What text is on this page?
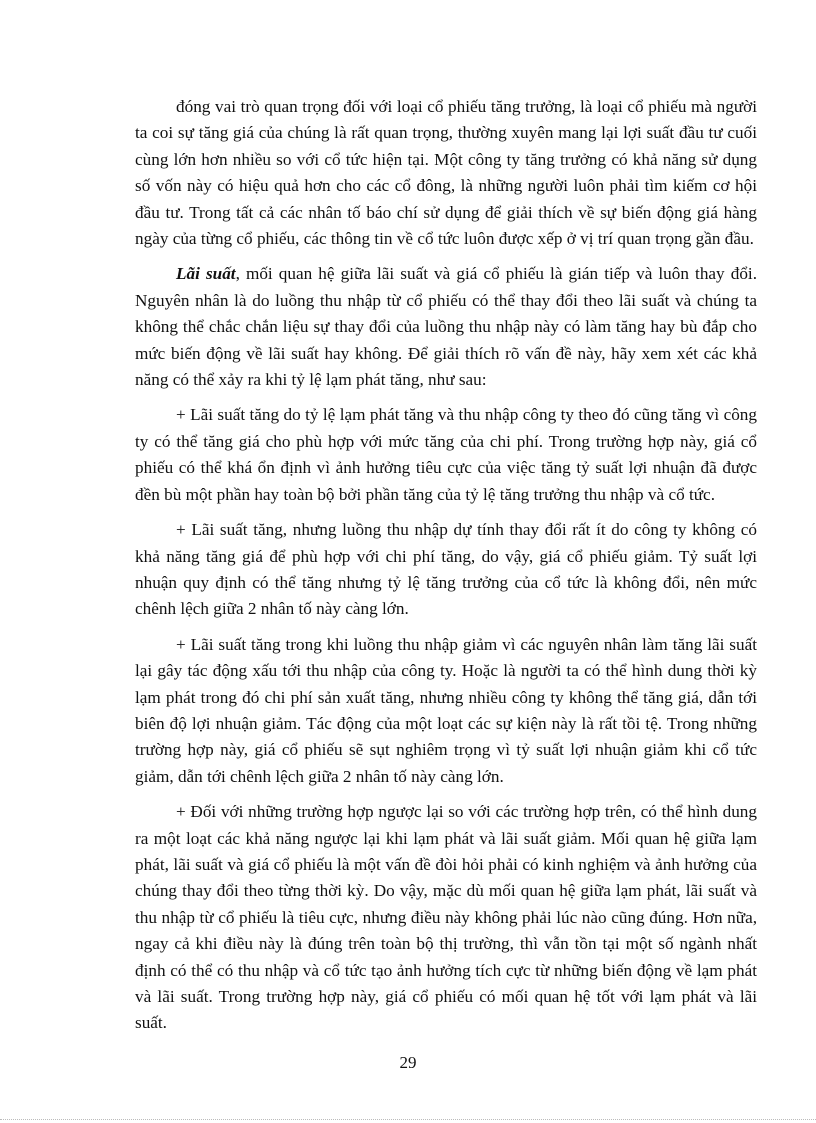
đóng vai trò quan trọng đối với loại cổ phiếu tăng trưởng, là loại cổ phiếu mà người ta coi sự tăng giá của chúng là rất quan trọng, thường xuyên mang lại lợi suất đầu tư cuối cùng lớn hơn nhiều so với cổ tức hiện tại. Một công ty tăng trưởng có khả năng sử dụng số vốn này có hiệu quả hơn cho các cổ đông, là những người luôn phải tìm kiếm cơ hội đầu tư. Trong tất cả các nhân tố báo chí sử dụng để giải thích về sự biến động giá hàng ngày của từng cổ phiếu, các thông tin về cổ tức luôn được xếp ở vị trí quan trọng gần đầu.

Lãi suất, mối quan hệ giữa lãi suất và giá cổ phiếu là gián tiếp và luôn thay đổi. Nguyên nhân là do luồng thu nhập từ cổ phiếu có thể thay đổi theo lãi suất và chúng ta không thể chắc chắn liệu sự thay đổi của luồng thu nhập này có làm tăng hay bù đắp cho mức biến động về lãi suất hay không. Để giải thích rõ vấn đề này, hãy xem xét các khả năng có thể xảy ra khi tỷ lệ lạm phát tăng, như sau:

+ Lãi suất tăng do tỷ lệ lạm phát tăng và thu nhập công ty theo đó cũng tăng vì công ty có thể tăng giá cho phù hợp với mức tăng của chi phí. Trong trường hợp này, giá cổ phiếu có thể khá ổn định vì ảnh hưởng tiêu cực của việc tăng tỷ suất lợi nhuận đã được đền bù một phần hay toàn bộ bởi phần tăng của tỷ lệ tăng trưởng thu nhập và cổ tức.

+ Lãi suất tăng, nhưng luồng thu nhập dự tính thay đổi rất ít do công ty không có khả năng tăng giá để phù hợp với chi phí tăng, do vậy, giá cổ phiếu giảm. Tỷ suất lợi nhuận quy định có thể tăng nhưng tỷ lệ tăng trưởng của cổ tức là không đổi, nên mức chênh lệch giữa 2 nhân tố này càng lớn.

+ Lãi suất tăng trong khi luồng thu nhập giảm vì các nguyên nhân làm tăng lãi suất lại gây tác động xấu tới thu nhập của công ty. Hoặc là người ta có thể hình dung thời kỳ lạm phát trong đó chi phí sản xuất tăng, nhưng nhiều công ty không thể tăng giá, dẫn tới biên độ lợi nhuận giảm. Tác động của một loạt các sự kiện này là rất tồi tệ. Trong những trường hợp này, giá cổ phiếu sẽ sụt nghiêm trọng vì tỷ suất lợi nhuận giảm khi cổ tức giảm, dẫn tới chênh lệch giữa 2 nhân tố này càng lớn.

+ Đối với những trường hợp ngược lại so với các trường hợp trên, có thể hình dung ra một loạt các khả năng ngược lại khi lạm phát và lãi suất giảm. Mối quan hệ giữa lạm phát, lãi suất và giá cổ phiếu là một vấn đề đòi hỏi phải có kinh nghiệm và ảnh hưởng của chúng thay đổi theo từng thời kỳ. Do vậy, mặc dù mối quan hệ giữa lạm phát, lãi suất và thu nhập từ cổ phiếu là tiêu cực, nhưng điều này không phải lúc nào cũng đúng. Hơn nữa, ngay cả khi điều này là đúng trên toàn bộ thị trường, thì vẫn tồn tại một số ngành nhất định có thể có thu nhập và cổ tức tạo ảnh hưởng tích cực từ những biến động về lạm phát và lãi suất. Trong trường hợp này, giá cổ phiếu có mối quan hệ tốt với lạm phát và lãi suất.

29
